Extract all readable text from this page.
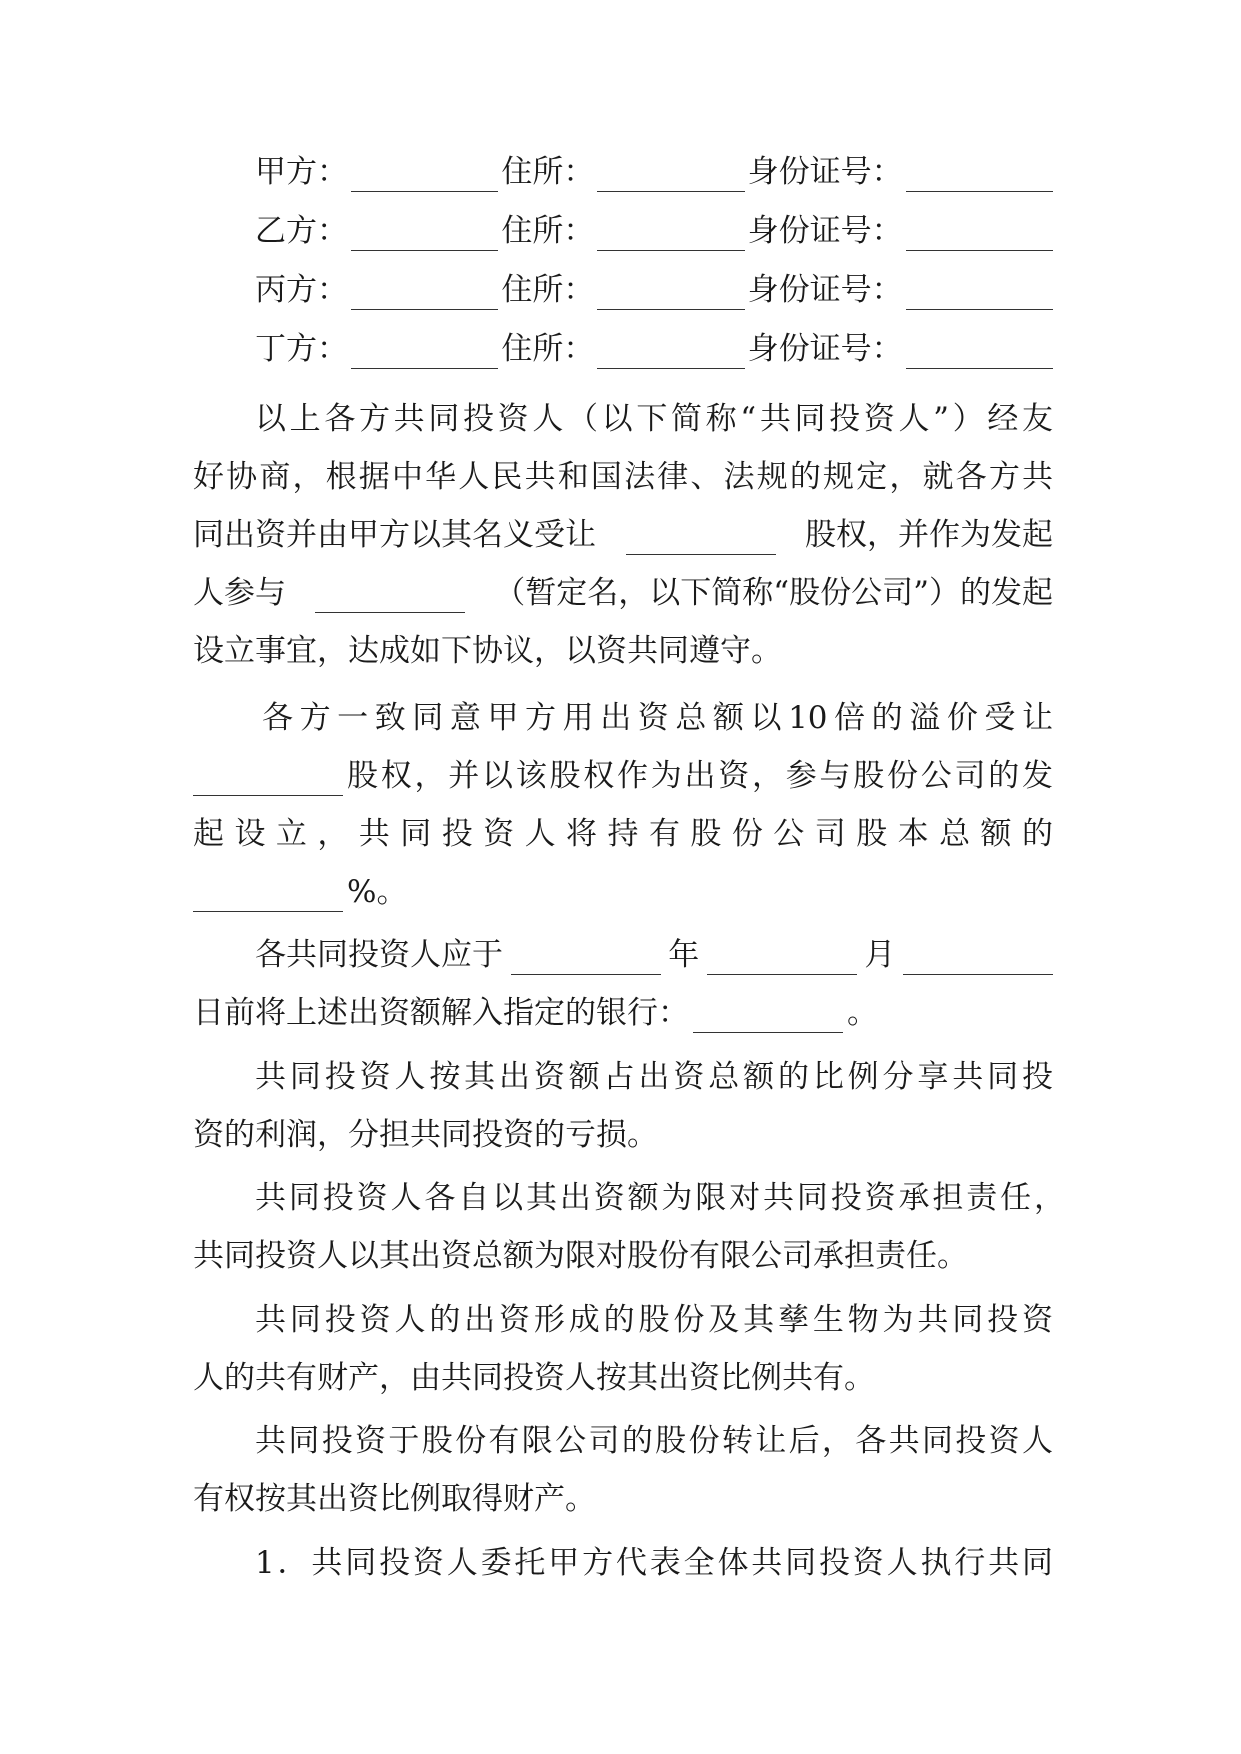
甲方：	住所：	身份证号：
乙方：	住所：	身份证号：
丙方：	住所：	身份证号：
丁方：	住所：	身份证号：
以上各方共同投资人（以下简称“共同投资人”）经友
好协商，根据中华人民共和国法律、法规的规定，就各方共
同出资并由甲方以其名义受让	股权，并作为发起
人参与	（暂定名，以下简称“股份公司”）的发起
设立事宜，达成如下协议，以资共同遵守。
各方一致同意甲方用出资总额以10倍的溢价受让
股权，并以该股权作为出资，参与股份公司的发
起设立，共同投资人将持有股份公司股本总额的
%。
各共同投资人应于	年	月
日前将上述出资额解入指定的银行：	。
共同投资人按其出资额占出资总额的比例分享共同投
资的利润，分担共同投资的亏损。
共同投资人各自以其出资额为限对共同投资承担责任，
共同投资人以其出资总额为限对股份有限公司承担责任。
共同投资人的出资形成的股份及其孳生物为共同投资
人的共有财产，由共同投资人按其出资比例共有。
共同投资于股份有限公司的股份转让后，各共同投资人
有权按其出资比例取得财产。
1．共同投资人委托甲方代表全体共同投资人执行共同
